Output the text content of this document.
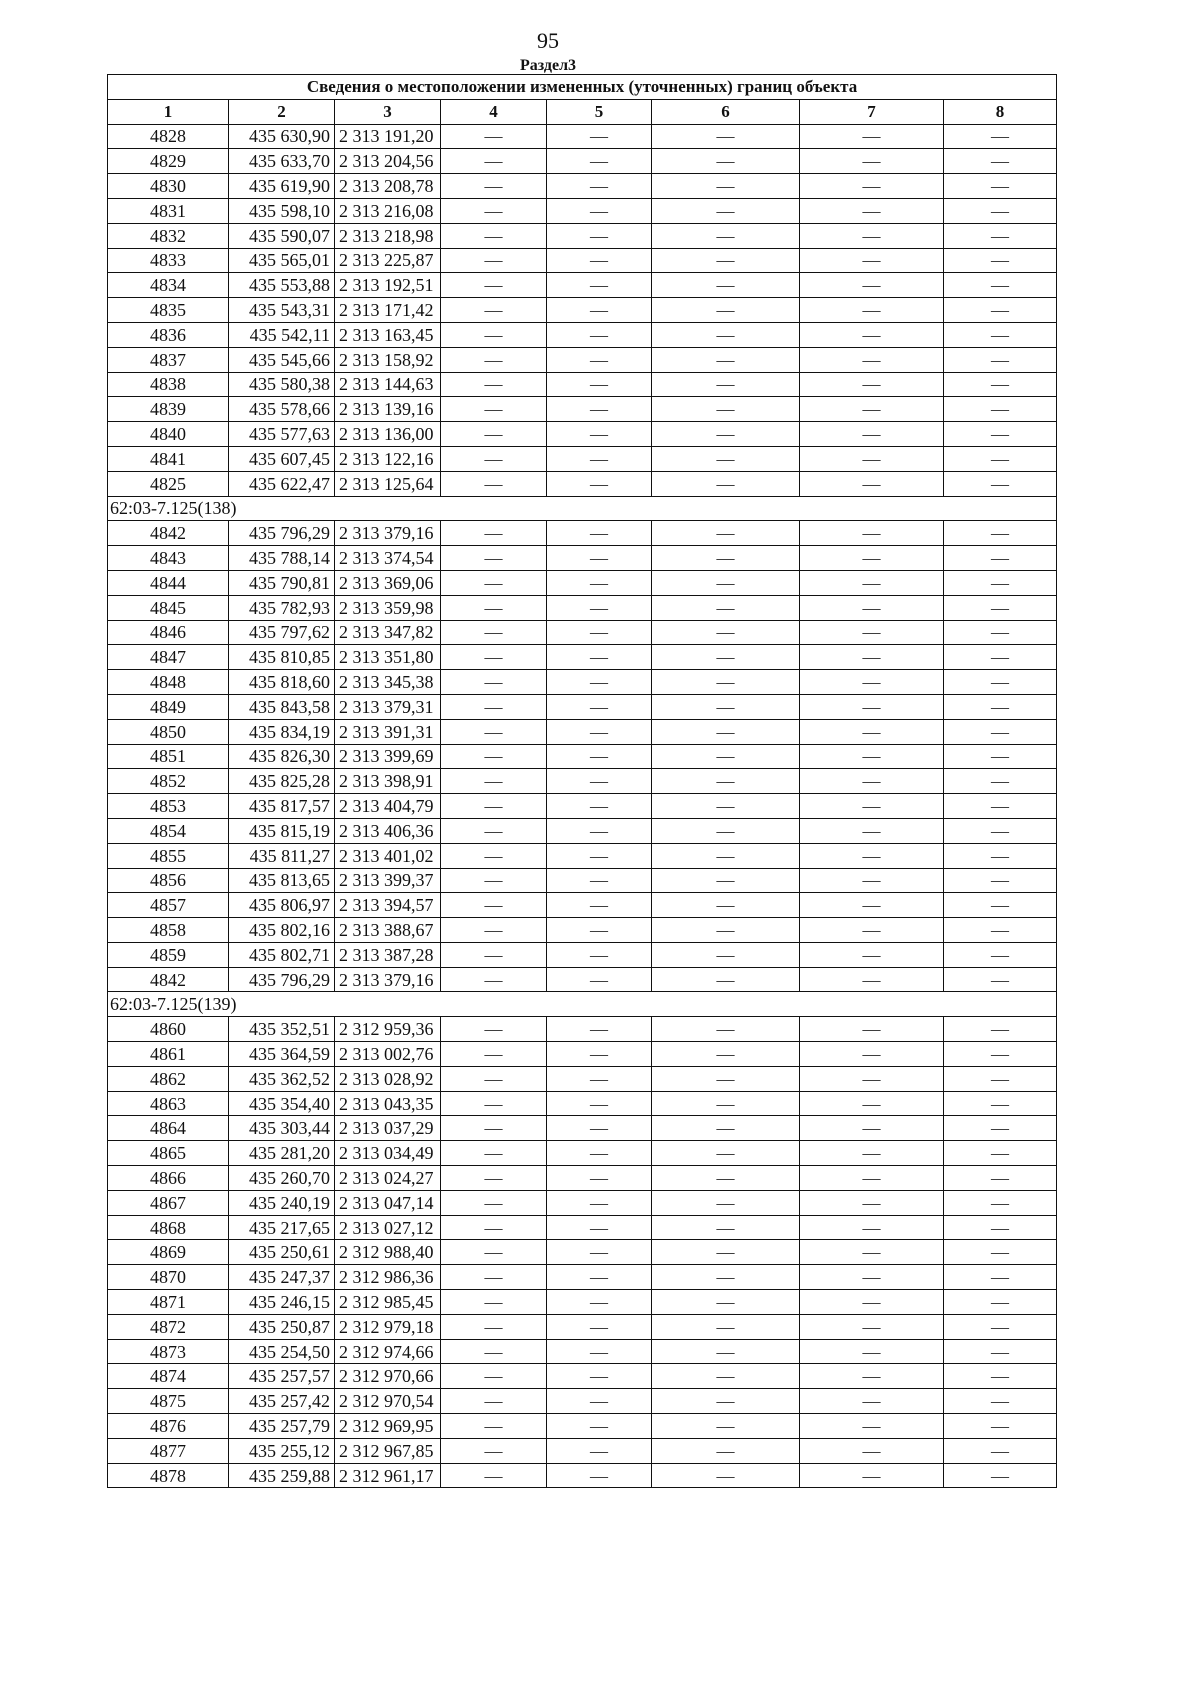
95
Раздел3
Сведения о местоположении измененных (уточненных) границ объекта							
1	2	3	4	5	6	7	8
4828	435 630,90	2 313 191,20	—	—	—	—	—
4829	435 633,70	2 313 204,56	—	—	—	—	—
4830	435 619,90	2 313 208,78	—	—	—	—	—
4831	435 598,10	2 313 216,08	—	—	—	—	—
4832	435 590,07	2 313 218,98	—	—	—	—	—
4833	435 565,01	2 313 225,87	—	—	—	—	—
4834	435 553,88	2 313 192,51	—	—	—	—	—
4835	435 543,31	2 313 171,42	—	—	—	—	—
4836	435 542,11	2 313 163,45	—	—	—	—	—
4837	435 545,66	2 313 158,92	—	—	—	—	—
4838	435 580,38	2 313 144,63	—	—	—	—	—
4839	435 578,66	2 313 139,16	—	—	—	—	—
4840	435 577,63	2 313 136,00	—	—	—	—	—
4841	435 607,45	2 313 122,16	—	—	—	—	—
4825	435 622,47	2 313 125,64	—	—	—	—	—
62:03-7.125(138)							
4842	435 796,29	2 313 379,16	—	—	—	—	—
4843	435 788,14	2 313 374,54	—	—	—	—	—
4844	435 790,81	2 313 369,06	—	—	—	—	—
4845	435 782,93	2 313 359,98	—	—	—	—	—
4846	435 797,62	2 313 347,82	—	—	—	—	—
4847	435 810,85	2 313 351,80	—	—	—	—	—
4848	435 818,60	2 313 345,38	—	—	—	—	—
4849	435 843,58	2 313 379,31	—	—	—	—	—
4850	435 834,19	2 313 391,31	—	—	—	—	—
4851	435 826,30	2 313 399,69	—	—	—	—	—
4852	435 825,28	2 313 398,91	—	—	—	—	—
4853	435 817,57	2 313 404,79	—	—	—	—	—
4854	435 815,19	2 313 406,36	—	—	—	—	—
4855	435 811,27	2 313 401,02	—	—	—	—	—
4856	435 813,65	2 313 399,37	—	—	—	—	—
4857	435 806,97	2 313 394,57	—	—	—	—	—
4858	435 802,16	2 313 388,67	—	—	—	—	—
4859	435 802,71	2 313 387,28	—	—	—	—	—
4842	435 796,29	2 313 379,16	—	—	—	—	—
62:03-7.125(139)							
4860	435 352,51	2 312 959,36	—	—	—	—	—
4861	435 364,59	2 313 002,76	—	—	—	—	—
4862	435 362,52	2 313 028,92	—	—	—	—	—
4863	435 354,40	2 313 043,35	—	—	—	—	—
4864	435 303,44	2 313 037,29	—	—	—	—	—
4865	435 281,20	2 313 034,49	—	—	—	—	—
4866	435 260,70	2 313 024,27	—	—	—	—	—
4867	435 240,19	2 313 047,14	—	—	—	—	—
4868	435 217,65	2 313 027,12	—	—	—	—	—
4869	435 250,61	2 312 988,40	—	—	—	—	—
4870	435 247,37	2 312 986,36	—	—	—	—	—
4871	435 246,15	2 312 985,45	—	—	—	—	—
4872	435 250,87	2 312 979,18	—	—	—	—	—
4873	435 254,50	2 312 974,66	—	—	—	—	—
4874	435 257,57	2 312 970,66	—	—	—	—	—
4875	435 257,42	2 312 970,54	—	—	—	—	—
4876	435 257,79	2 312 969,95	—	—	—	—	—
4877	435 255,12	2 312 967,85	—	—	—	—	—
4878	435 259,88	2 312 961,17	—	—	—	—	—
